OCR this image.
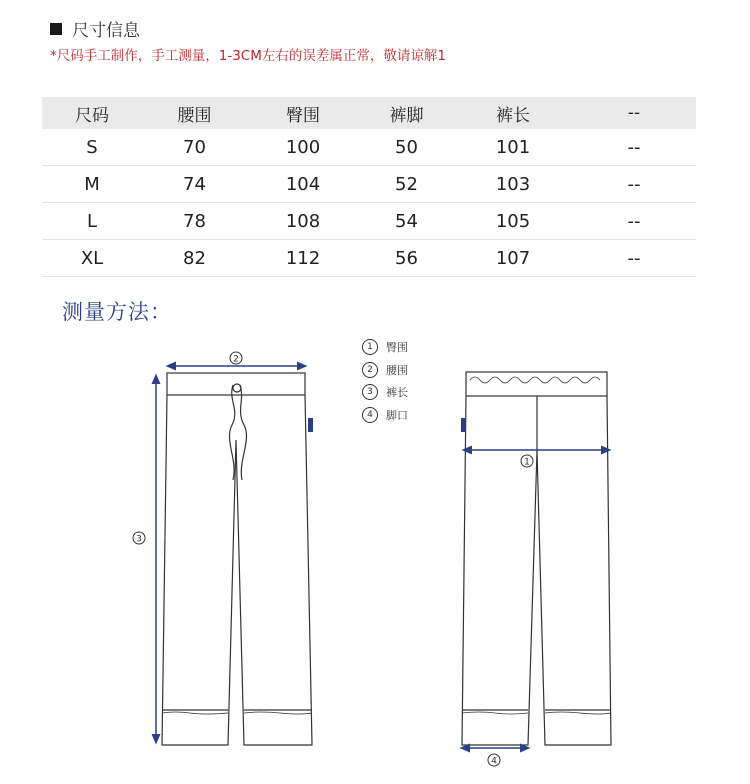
尺寸信息
*尺码手工制作，手工测量，1-3CM左右的误差属正常，敬请谅解1
尺码	腰围	臀围	裤脚	裤长	--
S	70	100	50	101	--
M	74	104	52	103	--
L	78	108	54	105	--
XL	82	112	56	107	--
测量方法：
1	臀围
2	腰围
3	裤长
4	脚口
2
3
1
4
